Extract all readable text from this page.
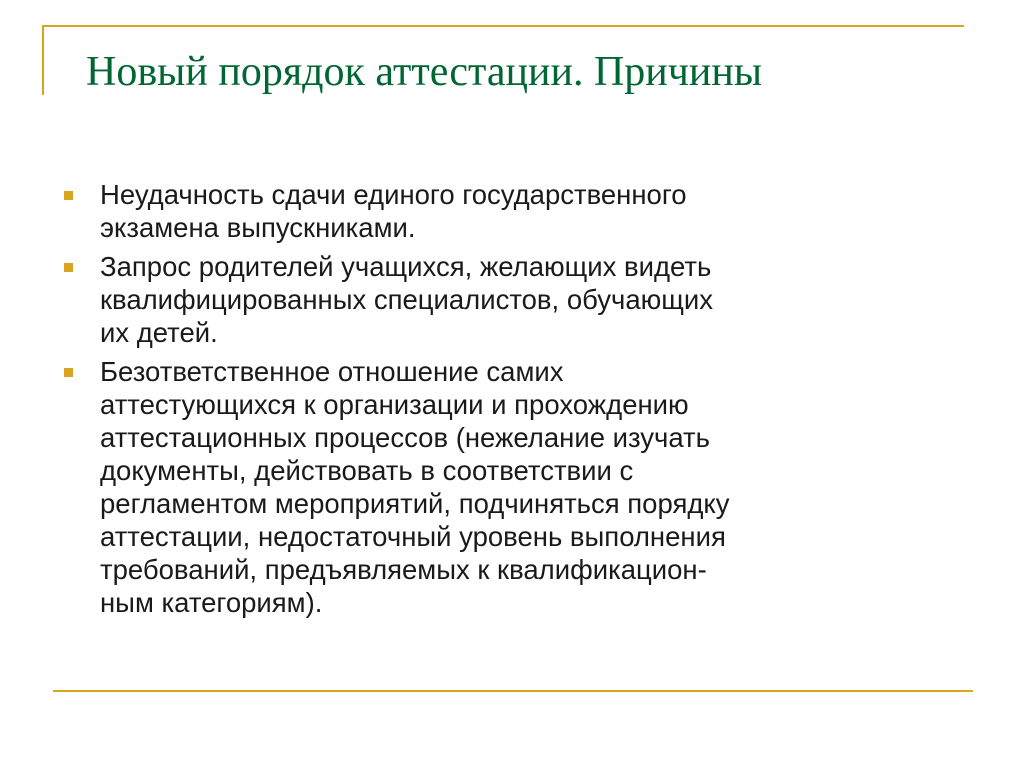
Новый порядок аттестации. Причины
Неудачность сдачи единого государственного
экзамена выпускниками.
Запрос родителей учащихся, желающих видеть
квалифицированных специалистов, обучающих
их детей.
Безответственное отношение самих
аттестующихся к организации и прохождению
аттестационных процессов (нежелание изучать
документы, действовать в соответствии с
регламентом мероприятий, подчиняться порядку
аттестации, недостаточный уровень выполнения
требований, предъявляемых к квалификацион-
ным категориям).
